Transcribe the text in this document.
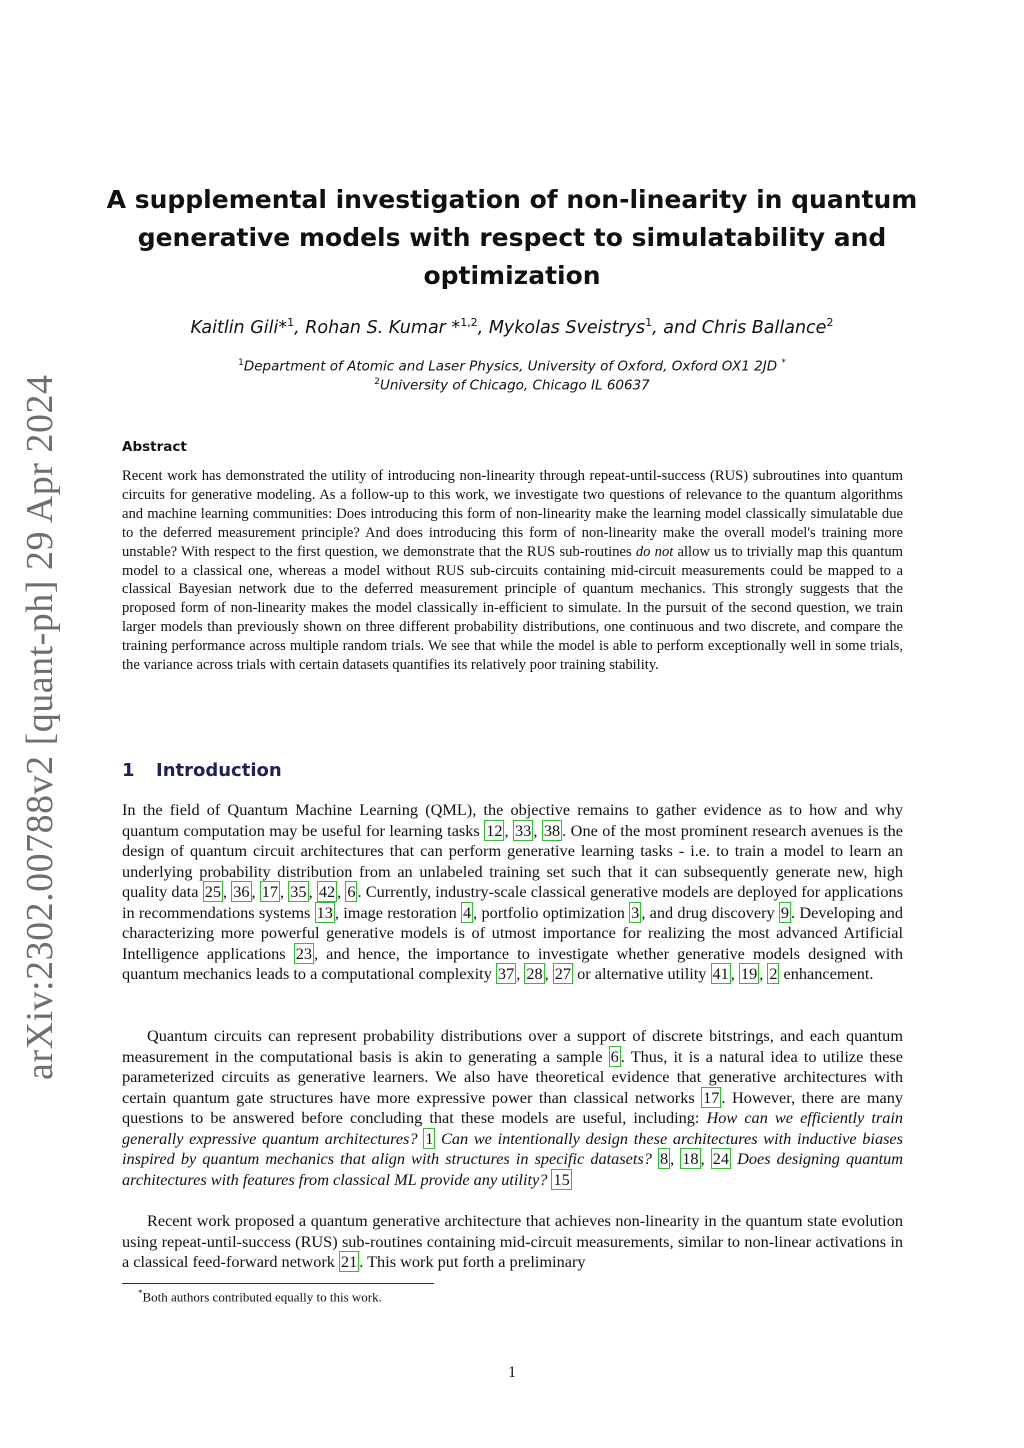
arXiv:2302.00788v2 [quant-ph] 29 Apr 2024
A supplemental investigation of non-linearity in quantum
generative models with respect to simulatability and
optimization
Kaitlin Gili*$^1$, Rohan S. Kumar *$^{1,2}$, Mykolas Sveistrys$^1$, and Chris Ballance$^2$
$^1$Department of Atomic and Laser Physics, University of Oxford, Oxford OX1 2JD *
$^2$University of Chicago, Chicago IL 60637
Abstract

Recent work has demonstrated the utility of introducing non-linearity through repeat-until-success (RUS) subroutines into quantum circuits for generative modeling. As a follow-up to this work, we investigate two questions of relevance to the quantum algorithms and machine learning communities: Does introducing this form of non-linearity make the learning model classically simulatable due to the deferred measurement principle? And does introducing this form of non-linearity make the overall model's training more unstable? With respect to the first question, we demonstrate that the RUS sub-routines do not allow us to trivially map this quantum model to a classical one, whereas a model without RUS sub-circuits containing mid-circuit measurements could be mapped to a classical Bayesian network due to the deferred measurement principle of quantum mechanics. This strongly suggests that the proposed form of non-linearity makes the model classically in-efficient to simulate. In the pursuit of the second question, we train larger models than previously shown on three different probability distributions, one continuous and two discrete, and compare the training performance across multiple random trials. We see that while the model is able to perform exceptionally well in some trials, the variance across trials with certain datasets quantifies its relatively poor training stability.

1 Introduction

In the field of Quantum Machine Learning (QML), the objective remains to gather evidence as to how and why quantum computation may be useful for learning tasks 12 , 33 , 38 . One of the most prominent research avenues is the design of quantum circuit architectures that can perform generative learning tasks - i.e. to train a model to learn an underlying probability distribution from an unlabeled training set such that it can subsequently generate new, high quality data 25 , 36 , 17 , 35 , 42 , 6 . Currently, industry-scale classical generative models are deployed for applications in recommendations systems 13 , image restoration 4 , portfolio optimization 3 , and drug discovery 9 . Developing and characterizing more powerful generative models is of utmost importance for realizing the most advanced Artificial Intelligence applications 23 , and hence, the importance to investigate whether generative models designed with quantum mechanics leads to a computational complexity 37 , 28 , 27 or alternative utility 41 , 19 , 2 enhancement.

Quantum circuits can represent probability distributions over a support of discrete bitstrings, and each quantum measurement in the computational basis is akin to generating a sample 6 . Thus, it is a natural idea to utilize these parameterized circuits as generative learners. We also have theoretical evidence that generative architectures with certain quantum gate structures have more expressive power than classical networks 17 . However, there are many questions to be answered before concluding that these models are useful, including: How can we efficiently train generally expressive quantum architectures? 1 Can we intentionally design these architectures with inductive biases inspired by quantum mechanics that align with structures in specific datasets? 8 , 18 , 24 Does designing quantum architectures with features from classical ML provide any utility? 15

Recent work proposed a quantum generative architecture that achieves non-linearity in the quantum state evolution using repeat-until-success (RUS) sub-routines containing mid-circuit measurements, similar to non-linear activations in a classical feed-forward network 21 . This work put forth a preliminary

*Both authors contributed equally to this work.
1
